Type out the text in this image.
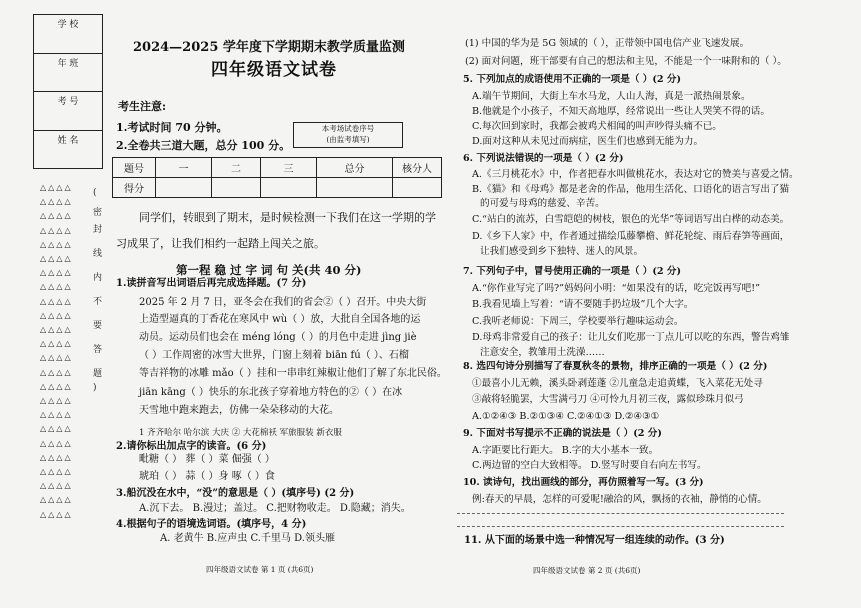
学 校
年 班
考 号
姓 名
△△△△
△△△△
△△△△
△△△△
△△△△
△△△△
△△△△
△△△△
△△△△
△△△△
△△△△
△△△△
△△△△
△△△△
△△△△
△△△△
△△△△
△△△△
△△△△
△△△△
△△△△
△△△△
△△△△
△△△△
(
密
封
线
内
不
要
答
题
)
2024—2025 学年度下学期期末教学质量监测
四年级语文试卷
考生注意:
1.考试时间 70 分钟。
2.全卷共三道大题，总分 100 分。
本考场试卷序号
(由监考填写)
题号	一	二	三	总分	核分人
得分					
同学们，转眼到了期末，是时候检测一下我们在这一学期的学
习成果了，让我们相约一起踏上闯关之旅。
第一程 稳 过 字 词 句 关(共 40 分)
1.读拼音写出词语后再完成选择题。(7 分)
2025 年 2 月 7 日，亚冬会在我们的省会②（ ）召开。中央大街
上造型逼真的丁香花在寒风中 wù（ ）放，大批自全国各地的运
动员。运动员们也会在 méng lóng（ ）的月色中走进 jìng jiè
（ ）工作周密的冰雪大世界，门窗上刻着 biān fú（ ）、石榴
等吉祥物的冰雕 mǎo（ ）挂和一串串红辣椒让他们了解了东北民俗。
jiān kāng（ ）快乐的东北孩子穿着地方特色的②（ ）在冰
天雪地中跑来跑去，仿佛一朵朵移动的大花。
1 齐齐哈尔 哈尔滨 大庆 ② 大花棉袄 军旅服装 新衣服
2.请你标出加点字的读音。(6 分)
毗糖（ ） 葬（ ）菜 倔强（ ）
琥珀（ ） 蒜（ ）身 啄（ ）食
3.船沉没在水中，“没”的意思是（ ）(填序号) (2 分)
A.沉下去。 B.漫过；盖过。 C.把财物收走。 D.隐藏；消失。
4.根据句子的语境选词语。(填序号，4 分)
A. 老黄牛 B.应声虫 C.千里马 D.领头雁
四年级语文试卷 第 1 页 (共6页)
(1) 中国的华为是 5G 领域的（ ），正带领中国电信产业飞速发展。
(2) 面对问题，班干部要有自己的想法和主见，不能是一个一味附和的（ ）。
5. 下列加点的成语使用不正确的一项是（ ）(2 分)
A.端午节期间，大街上车水马龙，人山人海，真是一派热闹景象。
B.他就是个小孩子，不知天高地厚，经常说出一些让人哭笑不得的话。
C.每次回到家时，我都会被鸡犬相闻的叫声吵得头痛不已。
D.面对这种从未见过而病症，医生们也感到无能为力。
6. 下列说法错误的一项是（ ）(2 分)
A.《三月桃花水》中，作者把春水叫做桃花水，表达对它的赞美与喜爱之情。
B.《猫》和《母鸡》都是老舍的作品，他用生活化、口语化的语言写出了猫
的可爱与母鸡的慈爱、辛苦。
C.“站白的流苏，白雪皑皑的树枝，银色的光华”等词语写出白桦的动态美。
D.《乡下人家》中，作者通过描绘瓜藤攀檐、鲜花轮绽、雨后春笋等画面，
让我们感受到乡下独特、迷人的风景。
7. 下列句子中，冒号使用正确的一项是（ ）(2 分)
A.“你作业写完了吗?”妈妈问小明：“如果没有的话，吃完饭再写吧!”
B.我看见墙上写着：“请不要随手扔垃圾”几个大字。
C.我听老师说：下周三，学校要举行趣味运动会。
D.母鸡非常爱自己的孩子：让儿女们吃那一丁点儿可以吃的东西，警告鸡雏
注意安全，教雏用土洗澡……
8. 选四句诗分别描写了春夏秋冬的景物，排序正确的一项是（ ）(2 分)
①最喜小儿无赖，溪头卧剥莲蓬 ②儿童急走追黄蝶，飞入菜花无处寻
③敲将轻脆罢，大雪满弓刀 ④可怜九月初三夜，露似珍珠月似弓
A.①②④③ B.②①③④ C.②④①③ D.②④③①
9. 下面对书写提示不正确的说法是（ ）(2 分)
A.字距要比行距大。 B.字的大小基本一致。
C.两边留的空白大致相等。 D.竖写时要自右向左书写。
10. 读诗句，找出画线的部分，再仿照着写一写。(3 分)
例:春天的早晨，怎样的可爱呢!融洽的风，飘扬的衣袖，静悄的心情。
11. 从下面的场景中选一种情况写一组连续的动作。(3 分)
四年级语文试卷 第 2 页 (共6页)
